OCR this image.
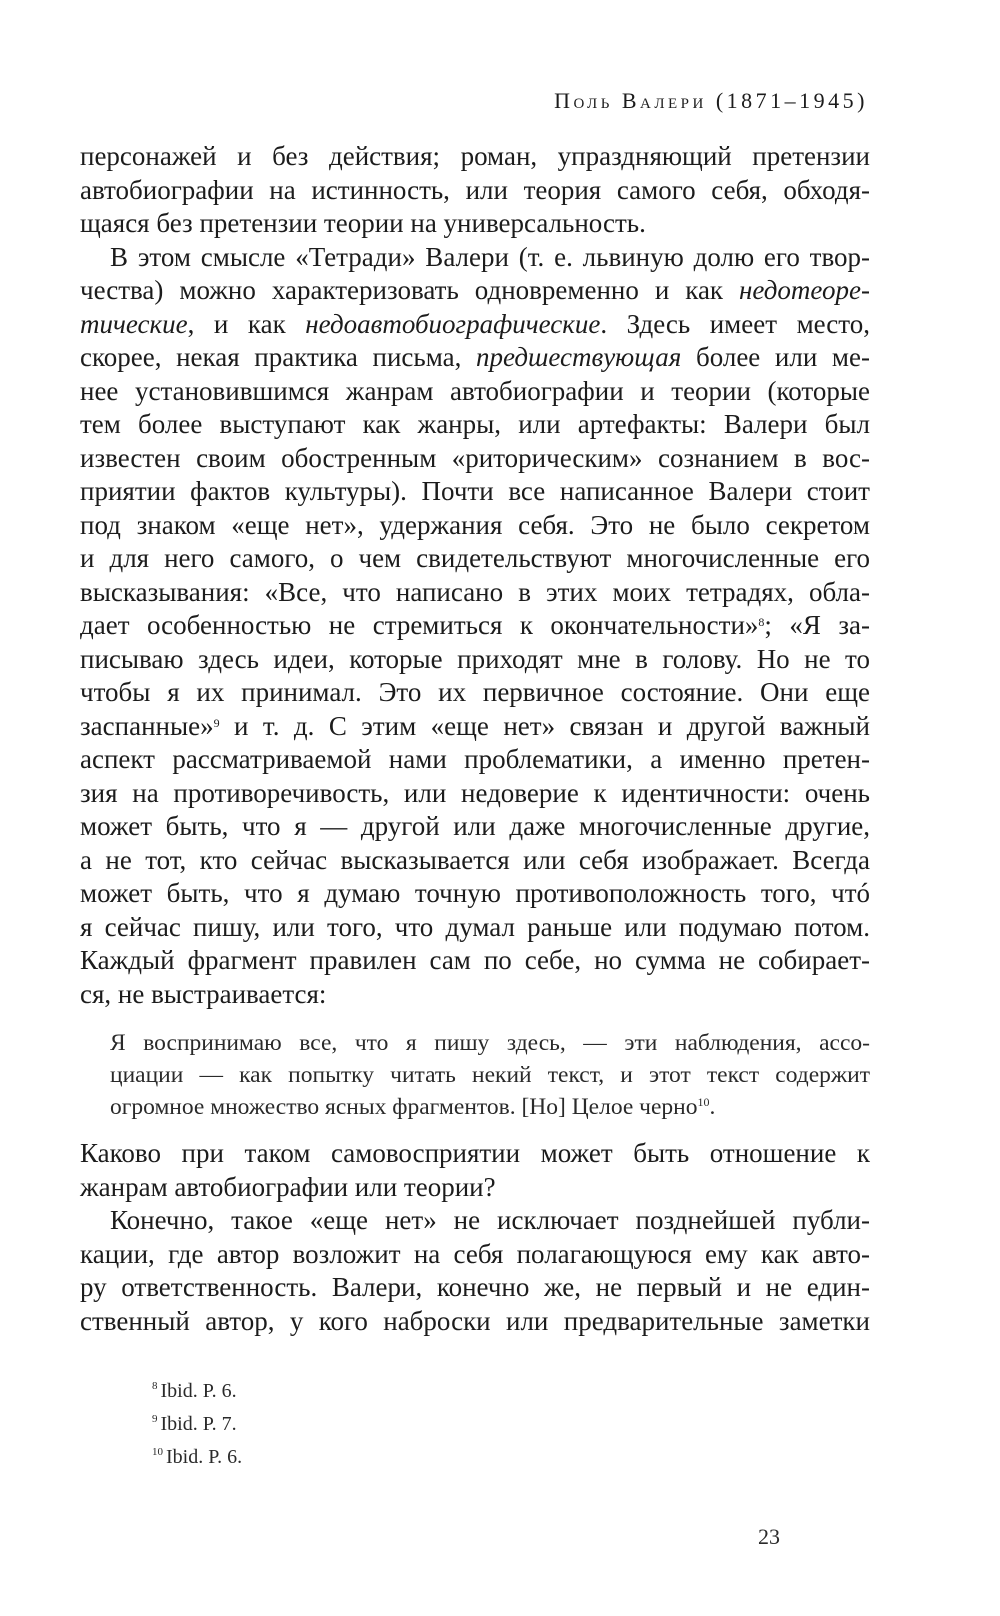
Поль Валери (1871–1945)
персонажей и без действия; роман, упраздняющий претензии
автобиографии на истинность, или теория самого себя, обходя-
щаяся без претензии теории на универсальность.
В этом смысле «Тетради» Валери (т. е. львиную долю его твор-
чества) можно характеризовать одновременно и как недотеоре-
тические, и как недоавтобиографические. Здесь имеет место,
скорее, некая практика письма, предшествующая более или ме-
нее установившимся жанрам автобиографии и теории (которые
тем более выступают как жанры, или артефакты: Валери был
известен своим обостренным «риторическим» сознанием в вос-
приятии фактов культуры). Почти все написанное Валери стоит
под знаком «еще нет», удержания себя. Это не было секретом
и для него самого, о чем свидетельствуют многочисленные его
высказывания: «Все, что написано в этих моих тетрадях, обла-
дает особенностью не стремиться к окончательности»$^8$; «Я за-
писываю здесь идеи, которые приходят мне в голову. Но не то
чтобы я их принимал. Это их первичное состояние. Они еще
заспанные»$^9$ и т. д. С этим «еще нет» связан и другой важный
аспект рассматриваемой нами проблематики, а именно претен-
зия на противоречивость, или недоверие к идентичности: очень
может быть, что я — другой или даже многочисленные другие,
а не тот, кто сейчас высказывается или себя изображает. Всегда
может быть, что я думаю точную противоположность того, чтó
я сейчас пишу, или того, что думал раньше или подумаю потом.
Каждый фрагмент правилен сам по себе, но сумма не собирает-
ся, не выстраивается:
Я воспринимаю все, что я пишу здесь, — эти наблюдения, ассо-
циации — как попытку читать некий текст, и этот текст содержит
огромное множество ясных фрагментов. [Но] Целое черно$^{10}$.
Каково при таком самовосприятии может быть отношение к
жанрам автобиографии или теории?
Конечно, такое «еще нет» не исключает позднейшей публи-
кации, где автор возложит на себя полагающуюся ему как авто-
ру ответственность. Валери, конечно же, не первый и не един-
ственный автор, у кого наброски или предварительные заметки
$^8$ Ibid. P. 6.
$^9$ Ibid. P. 7.
$^{10}$ Ibid. P. 6.
23
